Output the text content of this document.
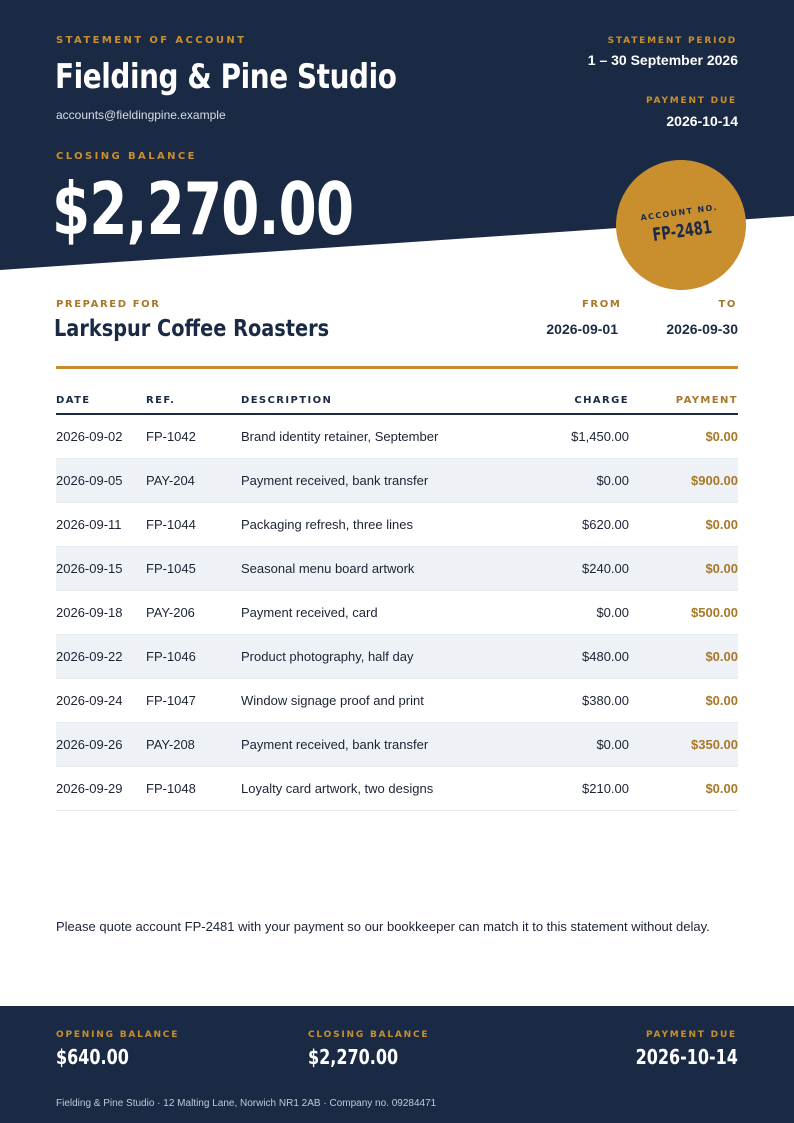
STATEMENT OF ACCOUNT
Fielding & Pine Studio
accounts@fieldingpine.example
STATEMENT PERIOD
1 – 30 September 2026
PAYMENT DUE
2026-10-14
CLOSING BALANCE
$2,270.00	ACCOUNT NO.
FP-2481
PREPARED FOR
Larkspur Coffee Roasters
FROM
2026-09-01
TO
2026-09-30
DATE	REF.	DESCRIPTION	CHARGE	PAYMENT
2026-09-02	FP-1042	Brand identity retainer, September	$1,450.00	$0.00
2026-09-05	PAY-204	Payment received, bank transfer	$0.00	$900.00
2026-09-11	FP-1044	Packaging refresh, three lines	$620.00	$0.00
2026-09-15	FP-1045	Seasonal menu board artwork	$240.00	$0.00
2026-09-18	PAY-206	Payment received, card	$0.00	$500.00
2026-09-22	FP-1046	Product photography, half day	$480.00	$0.00
2026-09-24	FP-1047	Window signage proof and print	$380.00	$0.00
2026-09-26	PAY-208	Payment received, bank transfer	$0.00	$350.00
2026-09-29	FP-1048	Loyalty card artwork, two designs	$210.00	$0.00
Please quote account FP-2481 with your payment so our bookkeeper can match it to this statement without delay.
OPENING BALANCE
$640.00
CLOSING BALANCE
$2,270.00
PAYMENT DUE
2026-10-14
Fielding & Pine Studio · 12 Malting Lane, Norwich NR1 2AB · Company no. 09284471
